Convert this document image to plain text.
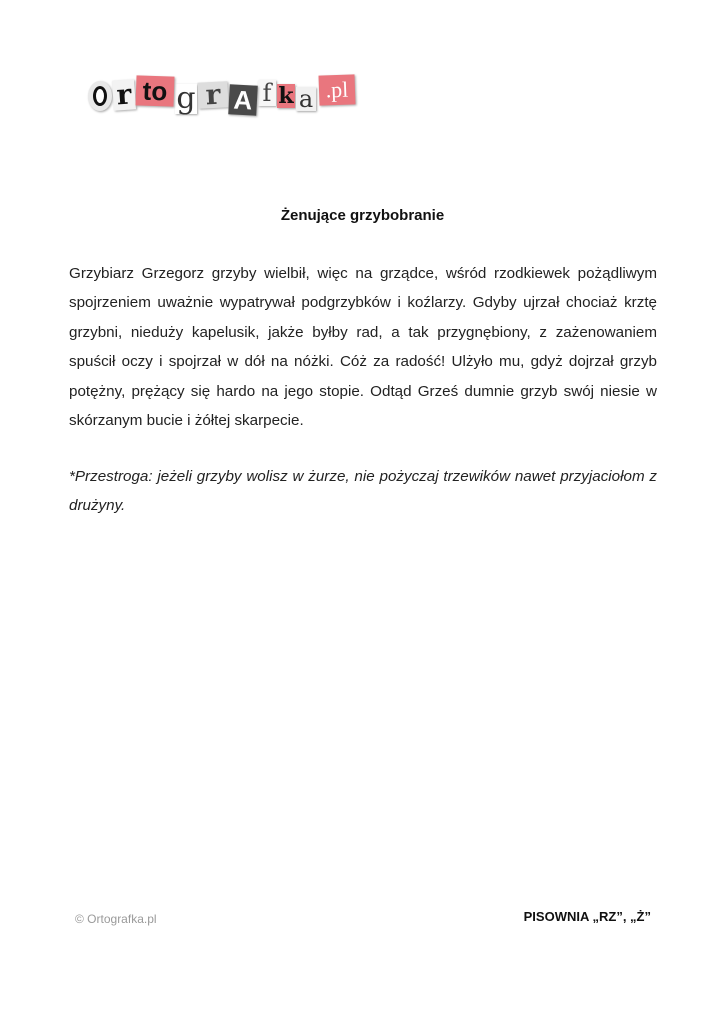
r to g r A f k a .pl
Żenujące grzybobranie

Grzybiarz Grzegorz grzyby wielbił, więc na grządce, wśród rzodkiewek pożądliwym spojrzeniem uważnie wypatrywał podgrzybków i koźlarzy. Gdyby ujrzał chociaż krztę grzybni, nieduży kapelusik, jakże byłby rad, a tak przygnębiony, z zażenowaniem spuścił oczy i spojrzał w dół na nóżki. Cóż za radość! Ulżyło mu, gdyż dojrzał grzyb potężny, prężący się hardo na jego stopie. Odtąd Grześ dumnie grzyb swój niesie w skórzanym bucie i żółtej skarpecie.

*Przestroga: jeżeli grzyby wolisz w żurze, nie pożyczaj trzewików nawet przyjaciołom z drużyny.

© Ortografka.pl	PISOWNIA „RZ”, „Ż”
